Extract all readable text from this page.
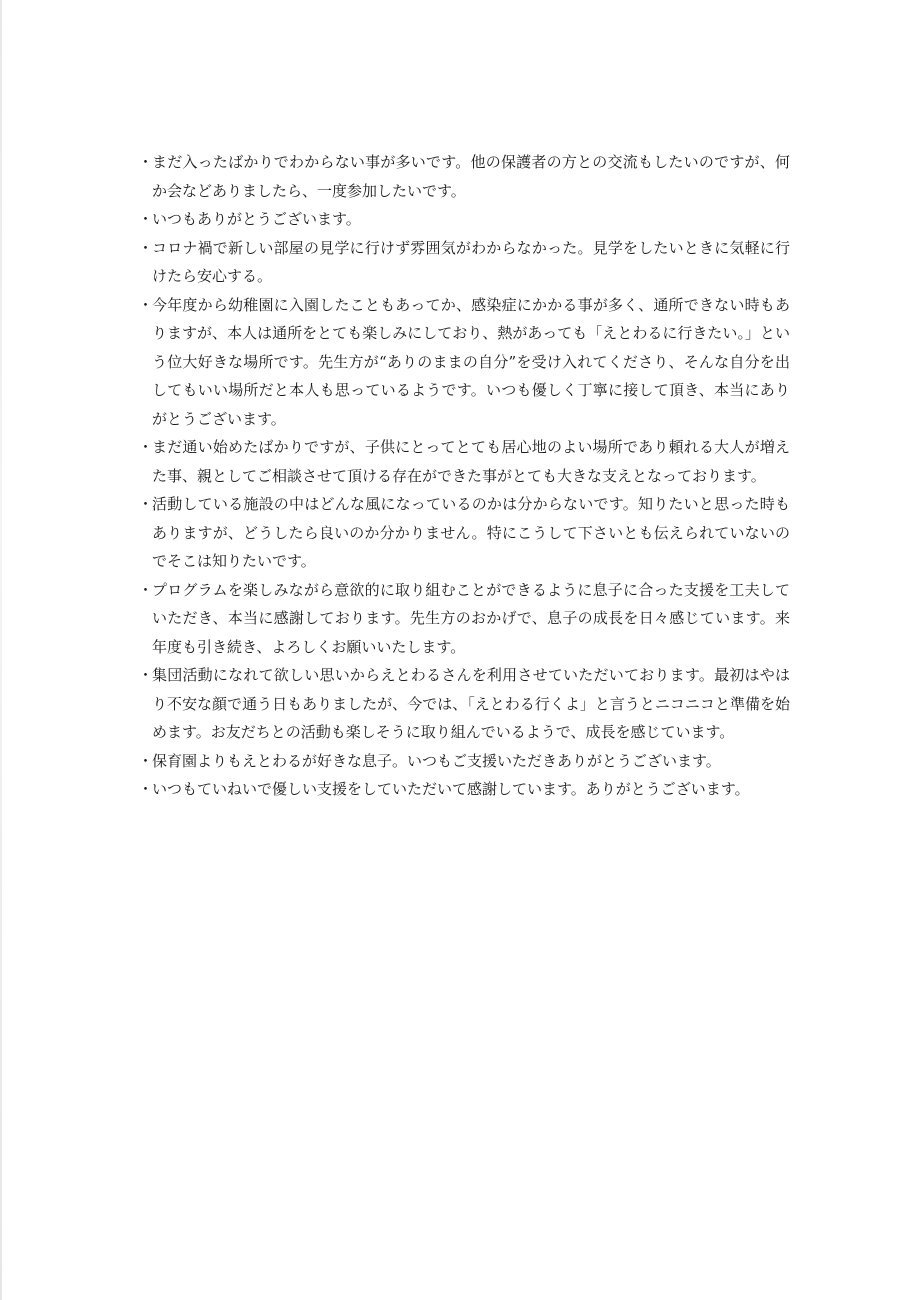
・
まだ入ったばかりでわからない事が多いです。他の保護者の方との交流もしたいのですが、何か会などありましたら、一度参加したいです。
・
いつもありがとうございます。
・
コロナ禍で新しい部屋の見学に行けず雰囲気がわからなかった。見学をしたいときに気軽に行けたら安心する。
・
今年度から幼稚園に入園したこともあってか、感染症にかかる事が多く、通所できない時もありますが、本人は通所をとても楽しみにしており、熱があっても「えとわるに行きたい。」という位大好きな場所です。先生方が“ありのままの自分”を受け入れてくださり、そんな自分を出してもいい場所だと本人も思っているようです。いつも優しく丁寧に接して頂き、本当にありがとうございます。
・
まだ通い始めたばかりですが、子供にとってとても居心地のよい場所であり頼れる大人が増えた事、親としてご相談させて頂ける存在ができた事がとても大きな支えとなっております。
・
活動している施設の中はどんな風になっているのかは分からないです。知りたいと思った時もありますが、どうしたら良いのか分かりません。特にこうして下さいとも伝えられていないのでそこは知りたいです。
・
プログラムを楽しみながら意欲的に取り組むことができるように息子に合った支援を工夫していただき、本当に感謝しております。先生方のおかげで、息子の成長を日々感じています。来年度も引き続き、よろしくお願いいたします。
・
集団活動になれて欲しい思いからえとわるさんを利用させていただいております。最初はやはり不安な顔で通う日もありましたが、今では、「えとわる行くよ」と言うとニコニコと準備を始めます。お友だちとの活動も楽しそうに取り組んでいるようで、成長を感じています。
・
保育園よりもえとわるが好きな息子。いつもご支援いただきありがとうございます。
・
いつもていねいで優しい支援をしていただいて感謝しています。ありがとうございます。
